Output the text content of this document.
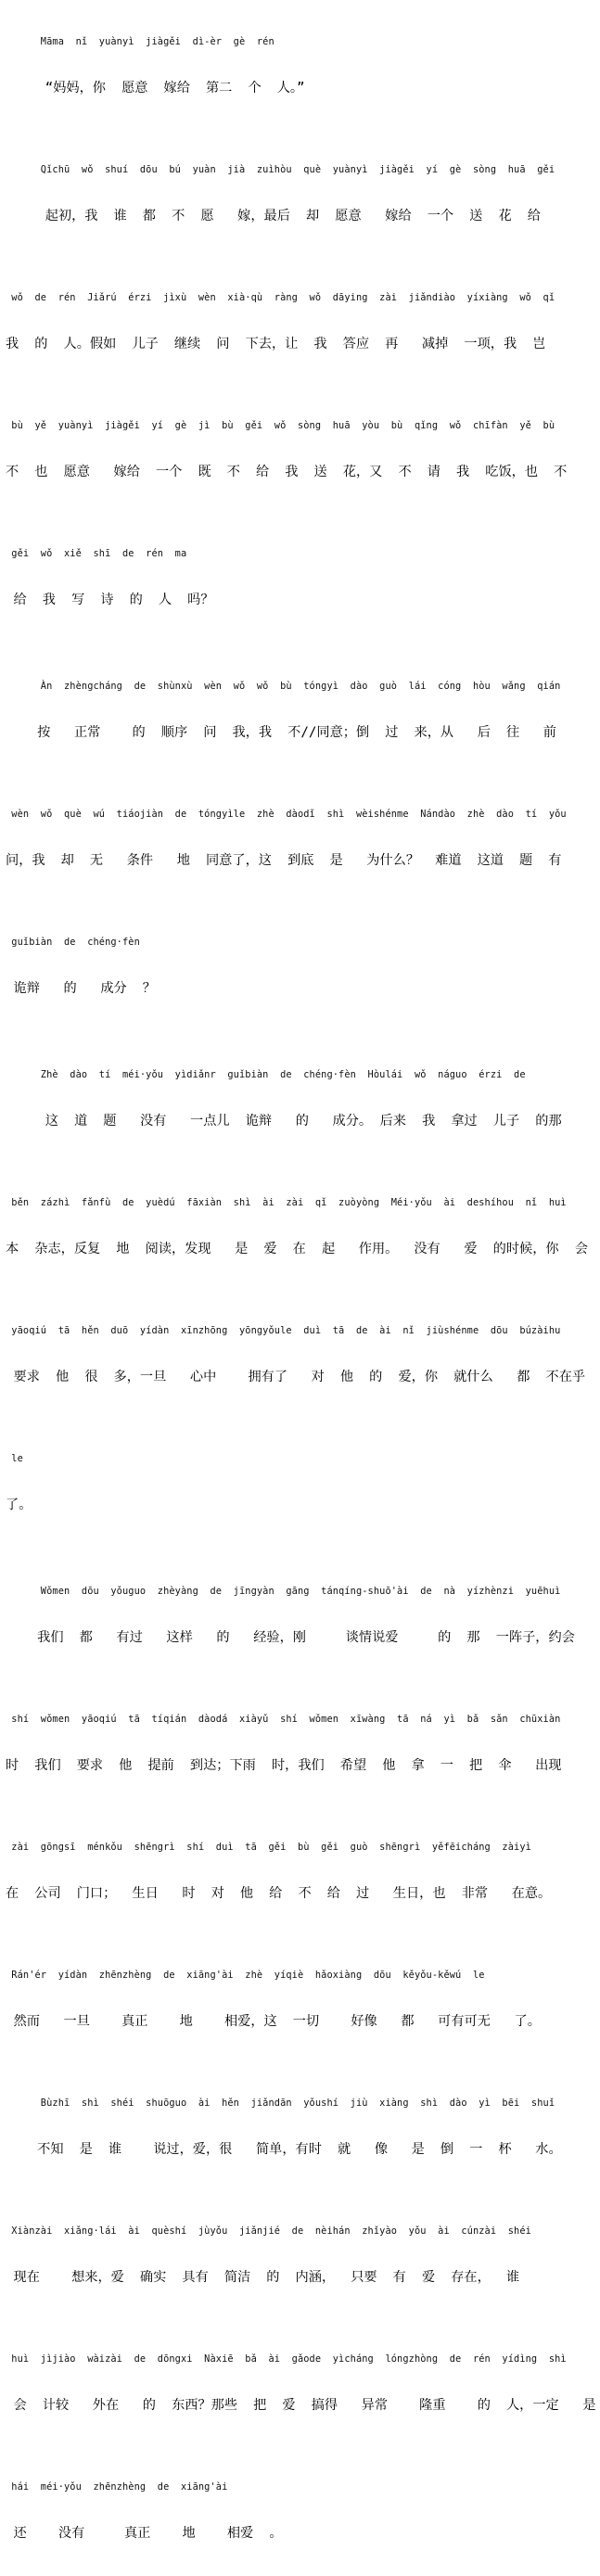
Māma  nǐ  yuànyì  jiàgěi  dì-èr  gè  rén

“妈妈，你  愿意  嫁给  第二  个  人。”

Qǐchū  wǒ  shuí  dōu  bú  yuàn  jià  zuìhòu  què  yuànyì  jiàgěi  yí  gè  sòng  huā  gěi

起初，我  谁  都  不  愿   嫁，最后  却  愿意   嫁给  一个  送  花  给

wǒ  de  rén  Jiǎrú  érzi  jìxù  wèn  xià·qù  ràng  wǒ  dāying  zài  jiǎndiào  yíxiàng  wǒ  qǐ

我  的  人。假如  儿子  继续  问  下去，让  我  答应  再   减掉  一项，我  岂

bù  yě  yuànyì  jiàgěi  yí  gè  jì  bù  gěi  wǒ  sòng  huā  yòu  bù  qǐng  wǒ  chīfàn  yě  bù

不  也  愿意   嫁给  一个  既  不  给  我  送  花，又  不  请  我  吃饭，也  不

gěi  wǒ  xiě  shī  de  rén  ma

给  我  写  诗  的  人  吗？

Àn  zhèngcháng  de  shùnxù  wèn  wǒ  wǒ  bù  tóngyì  dào  guò  lái  cóng  hòu  wǎng  qián

按   正常    的  顺序  问  我，我  不//同意；倒  过  来，从   后  往   前

wèn  wǒ  què  wú  tiáojiàn  de  tóngyìle  zhè  dàodǐ  shì  wèishénme  Nándào  zhè  dào  tí  yǒu

问，我  却  无   条件   地  同意了，这  到底  是   为什么？  难道  这道  题  有

guǐbiàn  de  chéng·fèn

诡辩   的   成分  ？

Zhè  dào  tí  méi·yǒu  yìdiǎnr  guǐbiàn  de  chéng·fèn  Hòulái  wǒ  náguo  érzi  de

这  道  题   没有   一点儿  诡辩   的   成分。 后来  我  拿过  儿子  的那

běn  zázhì  fǎnfù  de  yuèdú  fāxiàn  shì  ài  zài  qǐ  zuòyòng  Méi·yǒu  ài  deshíhou  nǐ  huì

本  杂志，反复  地  阅读，发现   是  爱  在  起   作用。  没有   爱  的时候，你  会

yāoqiú  tā  hěn  duō  yídàn  xīnzhōng  yōngyǒule  duì  tā  de  ài  nǐ  jiùshénme  dōu  búzàihu

要求  他  很  多，一旦   心中    拥有了   对  他  的  爱，你  就什么   都  不在乎

le

了。

Wǒmen  dōu  yǒuguo  zhèyàng  de  jīngyàn  gāng  tánqíng-shuō'ài  de  nà  yízhènzi  yuēhuì

我们  都   有过   这样   的   经验，刚     谈情说爱     的  那  一阵子，约会

shí  wǒmen  yāoqiú  tā  tíqián  dàodá  xiàyǔ  shí  wǒmen  xīwàng  tā  ná  yì  bǎ  sǎn  chūxiàn

时  我们  要求  他  提前  到达；下雨  时，我们  希望  他  拿  一  把  伞   出现

zài  gōngsī  ménkǒu  shēngrì  shí  duì  tā  gěi  bù  gěi  guò  shēngrì  yěfēicháng  zàiyì

在  公司  门口；  生日   时  对  他  给  不  给  过   生日，也  非常   在意。

Rán'ér  yídàn  zhēnzhèng  de  xiāng'ài  zhè  yíqiè  hǎoxiàng  dōu  kěyǒu-kěwú  le

然而   一旦    真正    地    相爱，这  一切    好像   都   可有可无   了。

Bùzhī  shì  shéi  shuōguo  ài  hěn  jiǎndān  yǒushí  jiù  xiàng  shì  dào  yì  bēi  shuǐ

不知  是  谁    说过，爱，很   简单，有时  就   像   是  倒  一  杯   水。

Xiànzài  xiǎng·lái  ài  quèshí  jùyǒu  jiǎnjié  de  nèihán  zhǐyào  yǒu  ài  cúnzài  shéi

现在    想来，爱  确实  具有  简洁  的  内涵，  只要  有  爱  存在，  谁

huì  jìjiào  wàizài  de  dōngxi  Nàxiē  bǎ  ài  gǎode  yìcháng  lóngzhòng  de  rén  yídìng  shì

会  计较   外在   的  东西？那些  把  爱  搞得   异常    隆重    的  人，一定   是

hái  méi·yǒu  zhēnzhèng  de  xiāng'ài

还    没有     真正    地    相爱  。
